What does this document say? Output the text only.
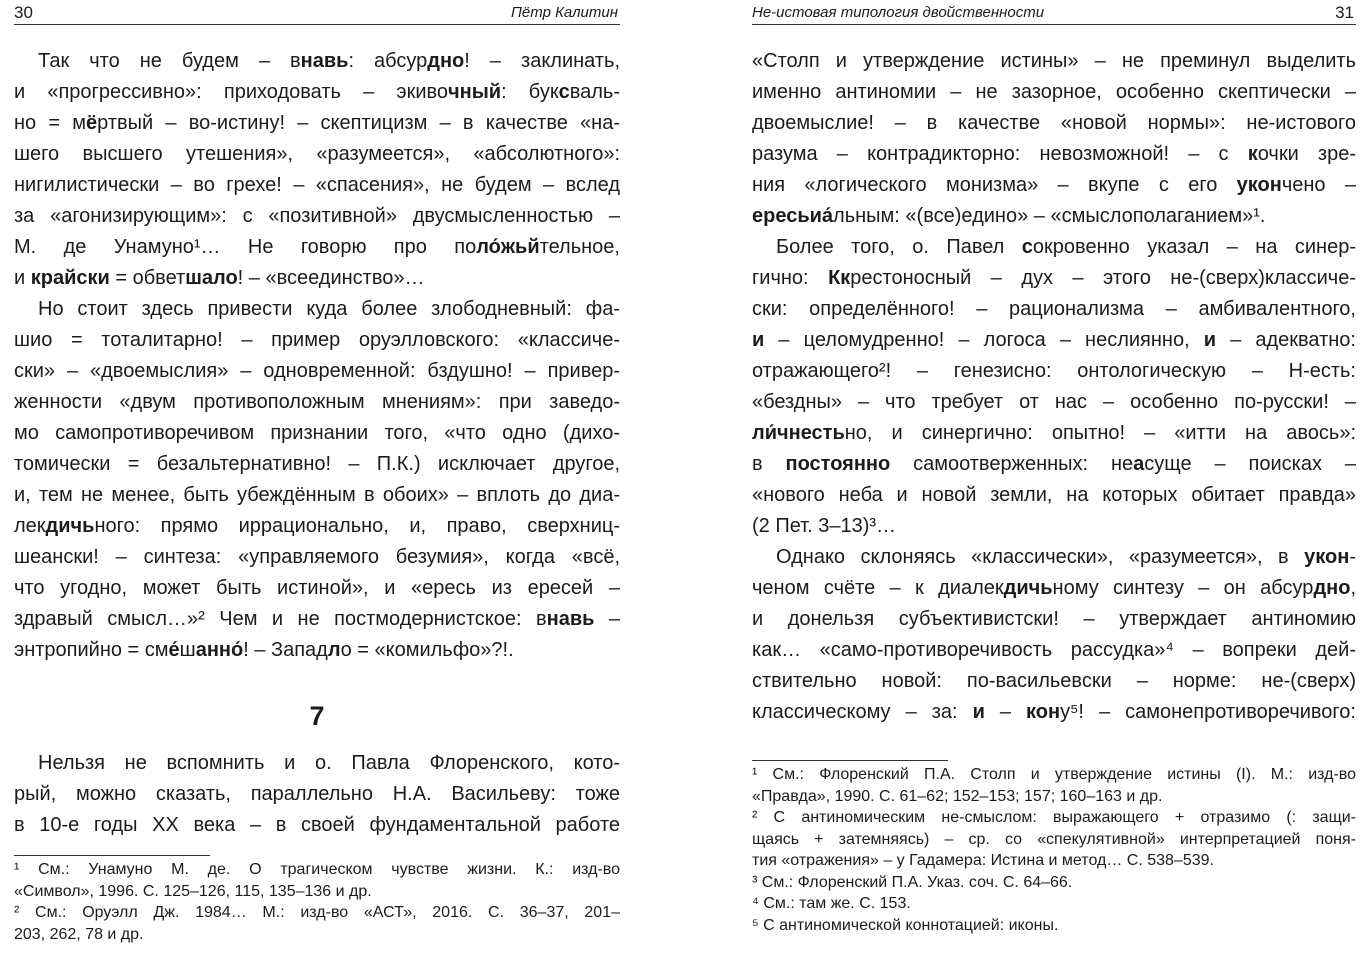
30	Пётр Калитин
Так что не будем – внавь: абсурдно! – заклинать,
и «прогрессивно»: приходовать – экивочный: буксваль-
но = мёртвый – во-истину! – скептицизм – в качестве «на-
шего высшего утешения», «разумеется», «абсолютного»:
нигилистически – во грехе! – «спасения», не будем – вслед
за «агонизирующим»: с «позитивной» двусмысленностью –
М. де Унамуно¹… Не говорю про поло́жьйтельное,
и крайски = обветшало! – «всеединство»…
Но стоит здесь привести куда более злободневный: фа-
шио = тоталитарно! – пример оруэлловского: «классиче-
ски» – «двоемыслия» – одновременной: бздушно! – привер-
женности «двум противоположным мнениям»: при заведо-
мо самопротиворечивом признании того, «что одно (дихо-
томически = безальтернативно! – П.К.) исключает другое,
и, тем не менее, быть убеждённым в обоих» – вплоть до диа-
лекдичьного: прямо иррационально, и, право, сверхниц-
шеански! – синтеза: «управляемого безумия», когда «всё,
что угодно, может быть истиной», и «ересь из ересей –
здравый смысл…»² Чем и не постмодернистское: внавь –
энтропийно = сме́шанно́! – Западло = «комильфо»?!.
7
Нельзя не вспомнить и о. Павла Флоренского, кото-
рый, можно сказать, параллельно Н.А. Васильеву: тоже
в 10-е годы XX века – в своей фундаментальной работе
¹ См.: Унамуно М. де. О трагическом чувстве жизни. К.: изд-во
«Символ», 1996. С. 125–126, 115, 135–136 и др.
² См.: Оруэлл Дж. 1984… М.: изд-во «АСТ», 2016. С. 36–37, 201–
203, 262, 78 и др.
Не-истовая типология двойственности	31
«Столп и утверждение истины» – не преминул выделить
именно антиномии – не зазорное, особенно скептически –
двоемыслие! – в качестве «новой нормы»: не-истового
разума – контрадикторно: невозможной! – с кочки зре-
ния «логического монизма» – вкупе с его укончено –
ересьиа́льным: «(все)едино» – «смыслополаганием»¹.
Более того, о. Павел сокровенно указал – на синер-
гично: Ккрестоносный – дух – этого не-(сверх)классиче-
ски: определённого! – рационализма – амбивалентного,
и – целомудренно! – логоса – неслиянно, и – адекватно:
отражающего²! – генезисно: онтологическую – Н-есть:
«бездны» – что требует от нас – особенно по-русски! –
ли́чнестьно, и синергично: опытно! – «итти на авось»:
в постоянно самоотверженных: неасуще – поисках –
«нового неба и новой земли, на которых обитает правда»
(2 Пет. 3–13)³…
Однако склоняясь «классически», «разумеется», в укон-
ченом счёте – к диалекдичьному синтезу – он абсурдно,
и донельзя субъективистски! – утверждает антиномию
как… «само-противоречивость рассудка»⁴ – вопреки дей-
ствительно новой: по-васильевски – норме: не-(сверх)
классическому – за: и – кону⁵! – самонепротиворечивого:
¹ См.: Флоренский П.А. Столп и утверждение истины (I). М.: изд-во
«Правда», 1990. С. 61–62; 152–153; 157; 160–163 и др.
² С антиномическим не-смыслом: выражающего + отразимо (: защи-
щаясь + затемняясь) – ср. со «спекулятивной» интерпретацией поня-
тия «отражения» – у Гадамера: Истина и метод… С. 538–539.
³ См.: Флоренский П.А. Указ. соч. С. 64–66.
⁴ См.: там же. С. 153.
⁵ С антиномической коннотацией: иконы.
